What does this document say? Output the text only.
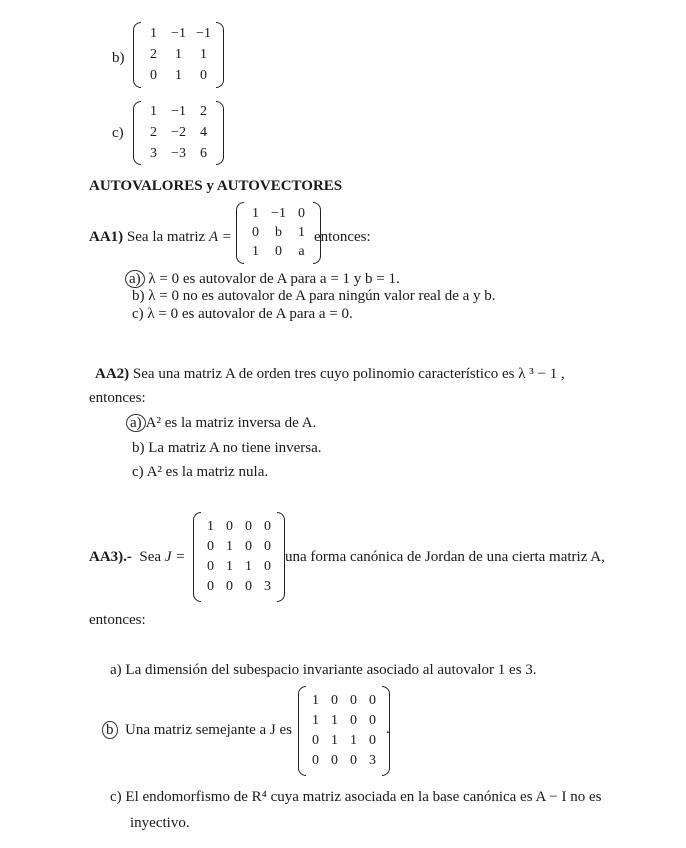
b)
1	−1 −1
2	1	1
0	1	0
c)
1	−1	2
2	−2	4
3	−3	6
AUTOVALORES y AUTOVECTORES
AA1) Sea la matriz A =
1 −1 0
0	b	1
1	0	a
entonces:
a) λ = 0 es autovalor de A para a = 1 y b = 1.
b) λ = 0 no es autovalor de A para ningún valor real de a y b.
c) λ = 0 es autovalor de A para a = 0.
AA2) Sea una matriz A de orden tres cuyo polinomio característico es λ ³ − 1 ,
entonces:
a) A² es la matriz inversa de A.
b) La matriz A no tiene inversa.
c) A² es la matriz nula.
AA3).- Sea J =
1 0 0 0
0 1 0 0
0 1 1 0
0 0 0 3
una forma canónica de Jordan de una cierta matriz A,
entonces:
a) La dimensión del subespacio invariante asociado al autovalor 1 es 3.
b Una matriz semejante a J es
1 0 0 0
1 1 0 0
0 1 1 0
0 0 0 3
.
c) El endomorfismo de R⁴ cuya matriz asociada en la base canónica es A − I no es
inyectivo.
